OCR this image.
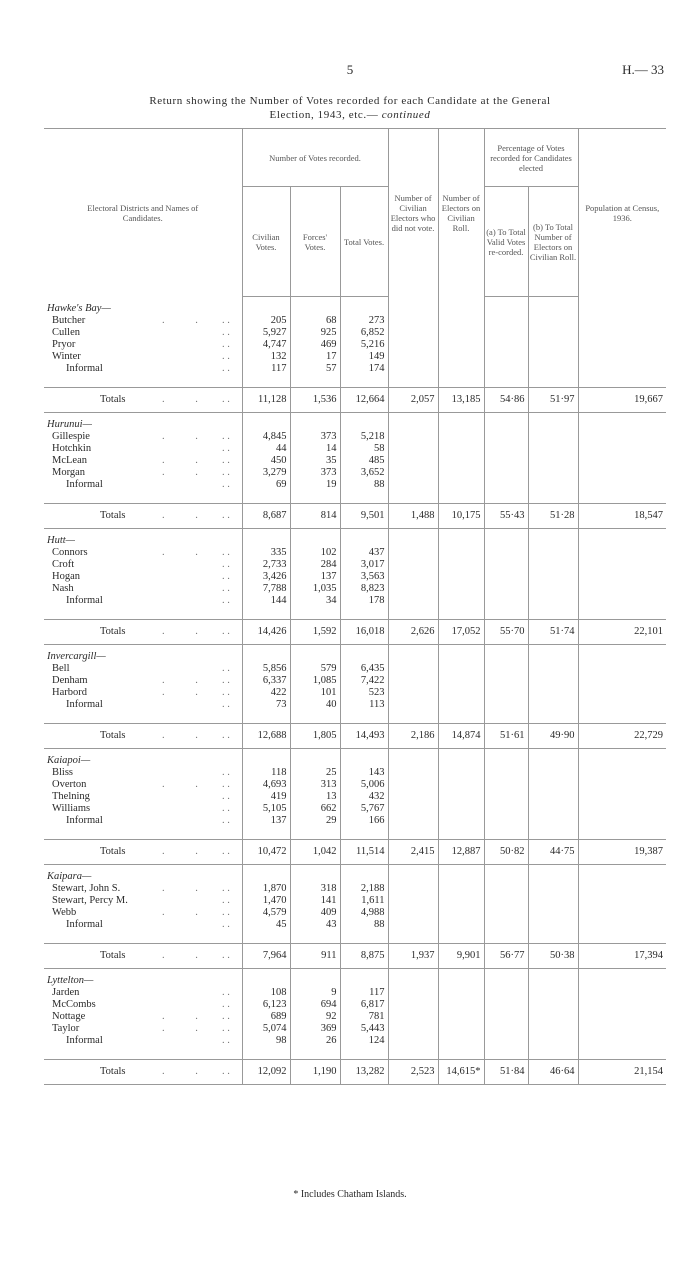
5	H.— 33
Return showing the Number of Votes recorded for each Candidate at the General
Election, 1943, etc.— continued
Electoral Districts and Names of Candidates.	Number of Votes recorded.			Number of Civilian Electors who did not vote.	Number of Electors on Civilian Roll.	Percentage of Votes recorded for Candidates elected		Population at Census, 1936.
	Civilian Votes.	Forces' Votes.	Total Votes.			(a) To Total Valid Votes re-corded.	(b) To Total Number of Electors on Civilian Roll.	
Hawke's Bay—								
Butcher . . . .	205	68	273					
Cullen . .	5,927	925	6,852					
Pryor . .	4,747	469	5,216					
Winter . .	132	17	149					
Informal . .	117	57	174					

Totals . . . .	11,128	1,536	12,664	2,057	13,185	54·86	51·97	19,667
Hurunui—								
Gillespie . . . .	4,845	373	5,218					
Hotchkin . .	44	14	58					
McLean . . . .	450	35	485					
Morgan . . . .	3,279	373	3,652					
Informal . .	69	19	88					

Totals . . . .	8,687	814	9,501	1,488	10,175	55·43	51·28	18,547
Hutt—								
Connors . . . .	335	102	437					
Croft . .	2,733	284	3,017					
Hogan . .	3,426	137	3,563					
Nash . .	7,788	1,035	8,823					
Informal . .	144	34	178					

Totals . . . .	14,426	1,592	16,018	2,626	17,052	55·70	51·74	22,101
Invercargill—								
Bell . .	5,856	579	6,435					
Denham . . . .	6,337	1,085	7,422					
Harbord . . . .	422	101	523					
Informal . .	73	40	113					

Totals . . . .	12,688	1,805	14,493	2,186	14,874	51·61	49·90	22,729
Kaiapoi—								
Bliss . .	118	25	143					
Overton . . . .	4,693	313	5,006					
Thelning . .	419	13	432					
Williams . .	5,105	662	5,767					
Informal . .	137	29	166					

Totals . . . .	10,472	1,042	11,514	2,415	12,887	50·82	44·75	19,387
Kaipara—								
Stewart, John S. . . . .	1,870	318	2,188					
Stewart, Percy M. . .	1,470	141	1,611					
Webb . . . .	4,579	409	4,988					
Informal . .	45	43	88					

Totals . . . .	7,964	911	8,875	1,937	9,901	56·77	50·38	17,394
Lyttelton—								
Jarden . .	108	9	117					
McCombs . .	6,123	694	6,817					
Nottage . . . .	689	92	781					
Taylor . . . .	5,074	369	5,443					
Informal . .	98	26	124					

Totals . . . .	12,092	1,190	13,282	2,523	14,615*	51·84	46·64	21,154
* Includes Chatham Islands.
